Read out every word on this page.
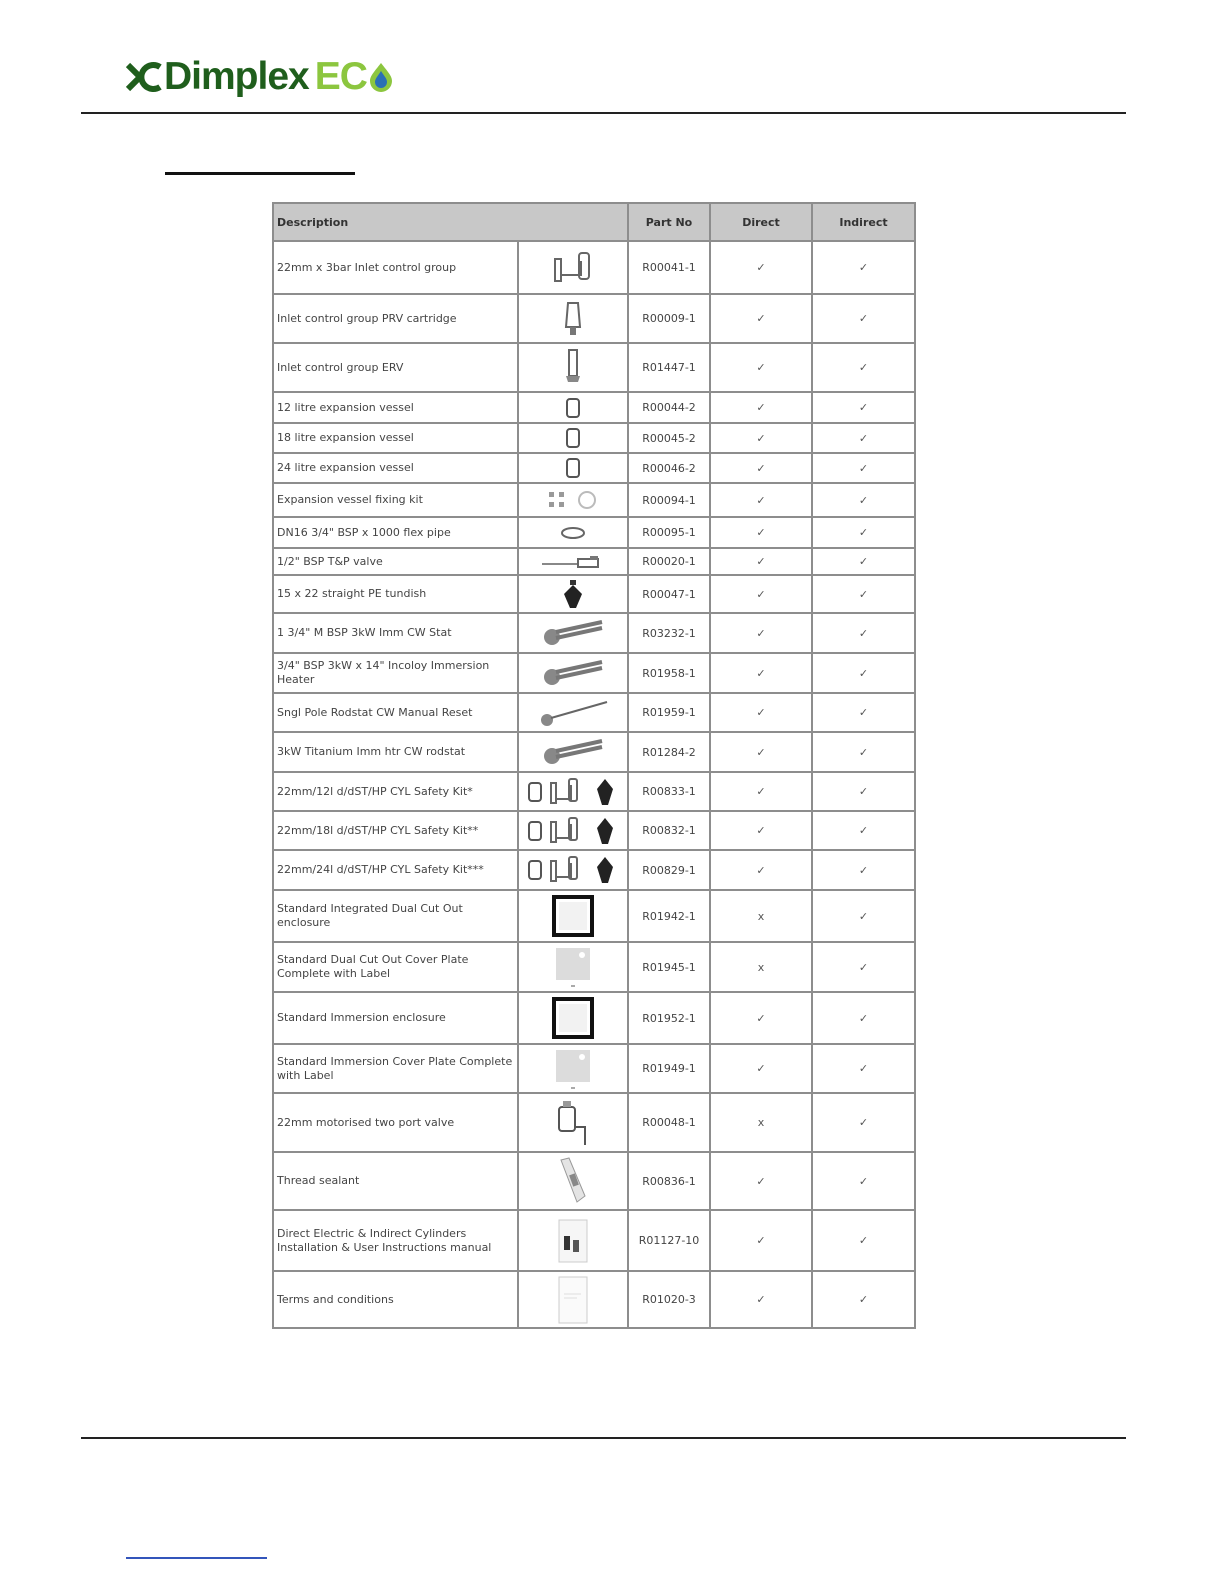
Dimplex EC
Description		Part No	Direct	Indirect
22mm x 3bar Inlet control group		R00041-1	✓	✓
Inlet control group PRV cartridge		R00009-1	✓	✓
Inlet control group ERV		R01447-1	✓	✓
12 litre expansion vessel		R00044-2	✓	✓
18 litre expansion vessel		R00045-2	✓	✓
24 litre expansion vessel		R00046-2	✓	✓
Expansion vessel fixing kit		R00094-1	✓	✓
DN16 3/4" BSP x 1000 flex pipe		R00095-1	✓	✓
1/2" BSP T&P valve		R00020-1	✓	✓
15 x 22 straight PE tundish		R00047-1	✓	✓
1 3/4" M BSP 3kW Imm CW Stat		R03232-1	✓	✓
3/4" BSP 3kW x 14" Incoloy Immersion Heater		R01958-1	✓	✓
Sngl Pole Rodstat CW Manual Reset		R01959-1	✓	✓
3kW Titanium Imm htr CW rodstat		R01284-2	✓	✓
22mm/12l d/dST/HP CYL Safety Kit*		R00833-1	✓	✓
22mm/18l d/dST/HP CYL Safety Kit**		R00832-1	✓	✓
22mm/24l d/dST/HP CYL Safety Kit***		R00829-1	✓	✓
Standard Integrated Dual Cut Out enclosure		R01942-1	x	✓
Standard Dual Cut Out Cover Plate Complete with Label		R01945-1	x	✓
Standard Immersion enclosure		R01952-1	✓	✓
Standard Immersion Cover Plate Complete with Label		R01949-1	✓	✓
22mm motorised two port valve		R00048-1	x	✓
Thread sealant		R00836-1	✓	✓
Direct Electric & Indirect Cylinders Installation & User Instructions manual		R01127-10	✓	✓
Terms and conditions		R01020-3	✓	✓
